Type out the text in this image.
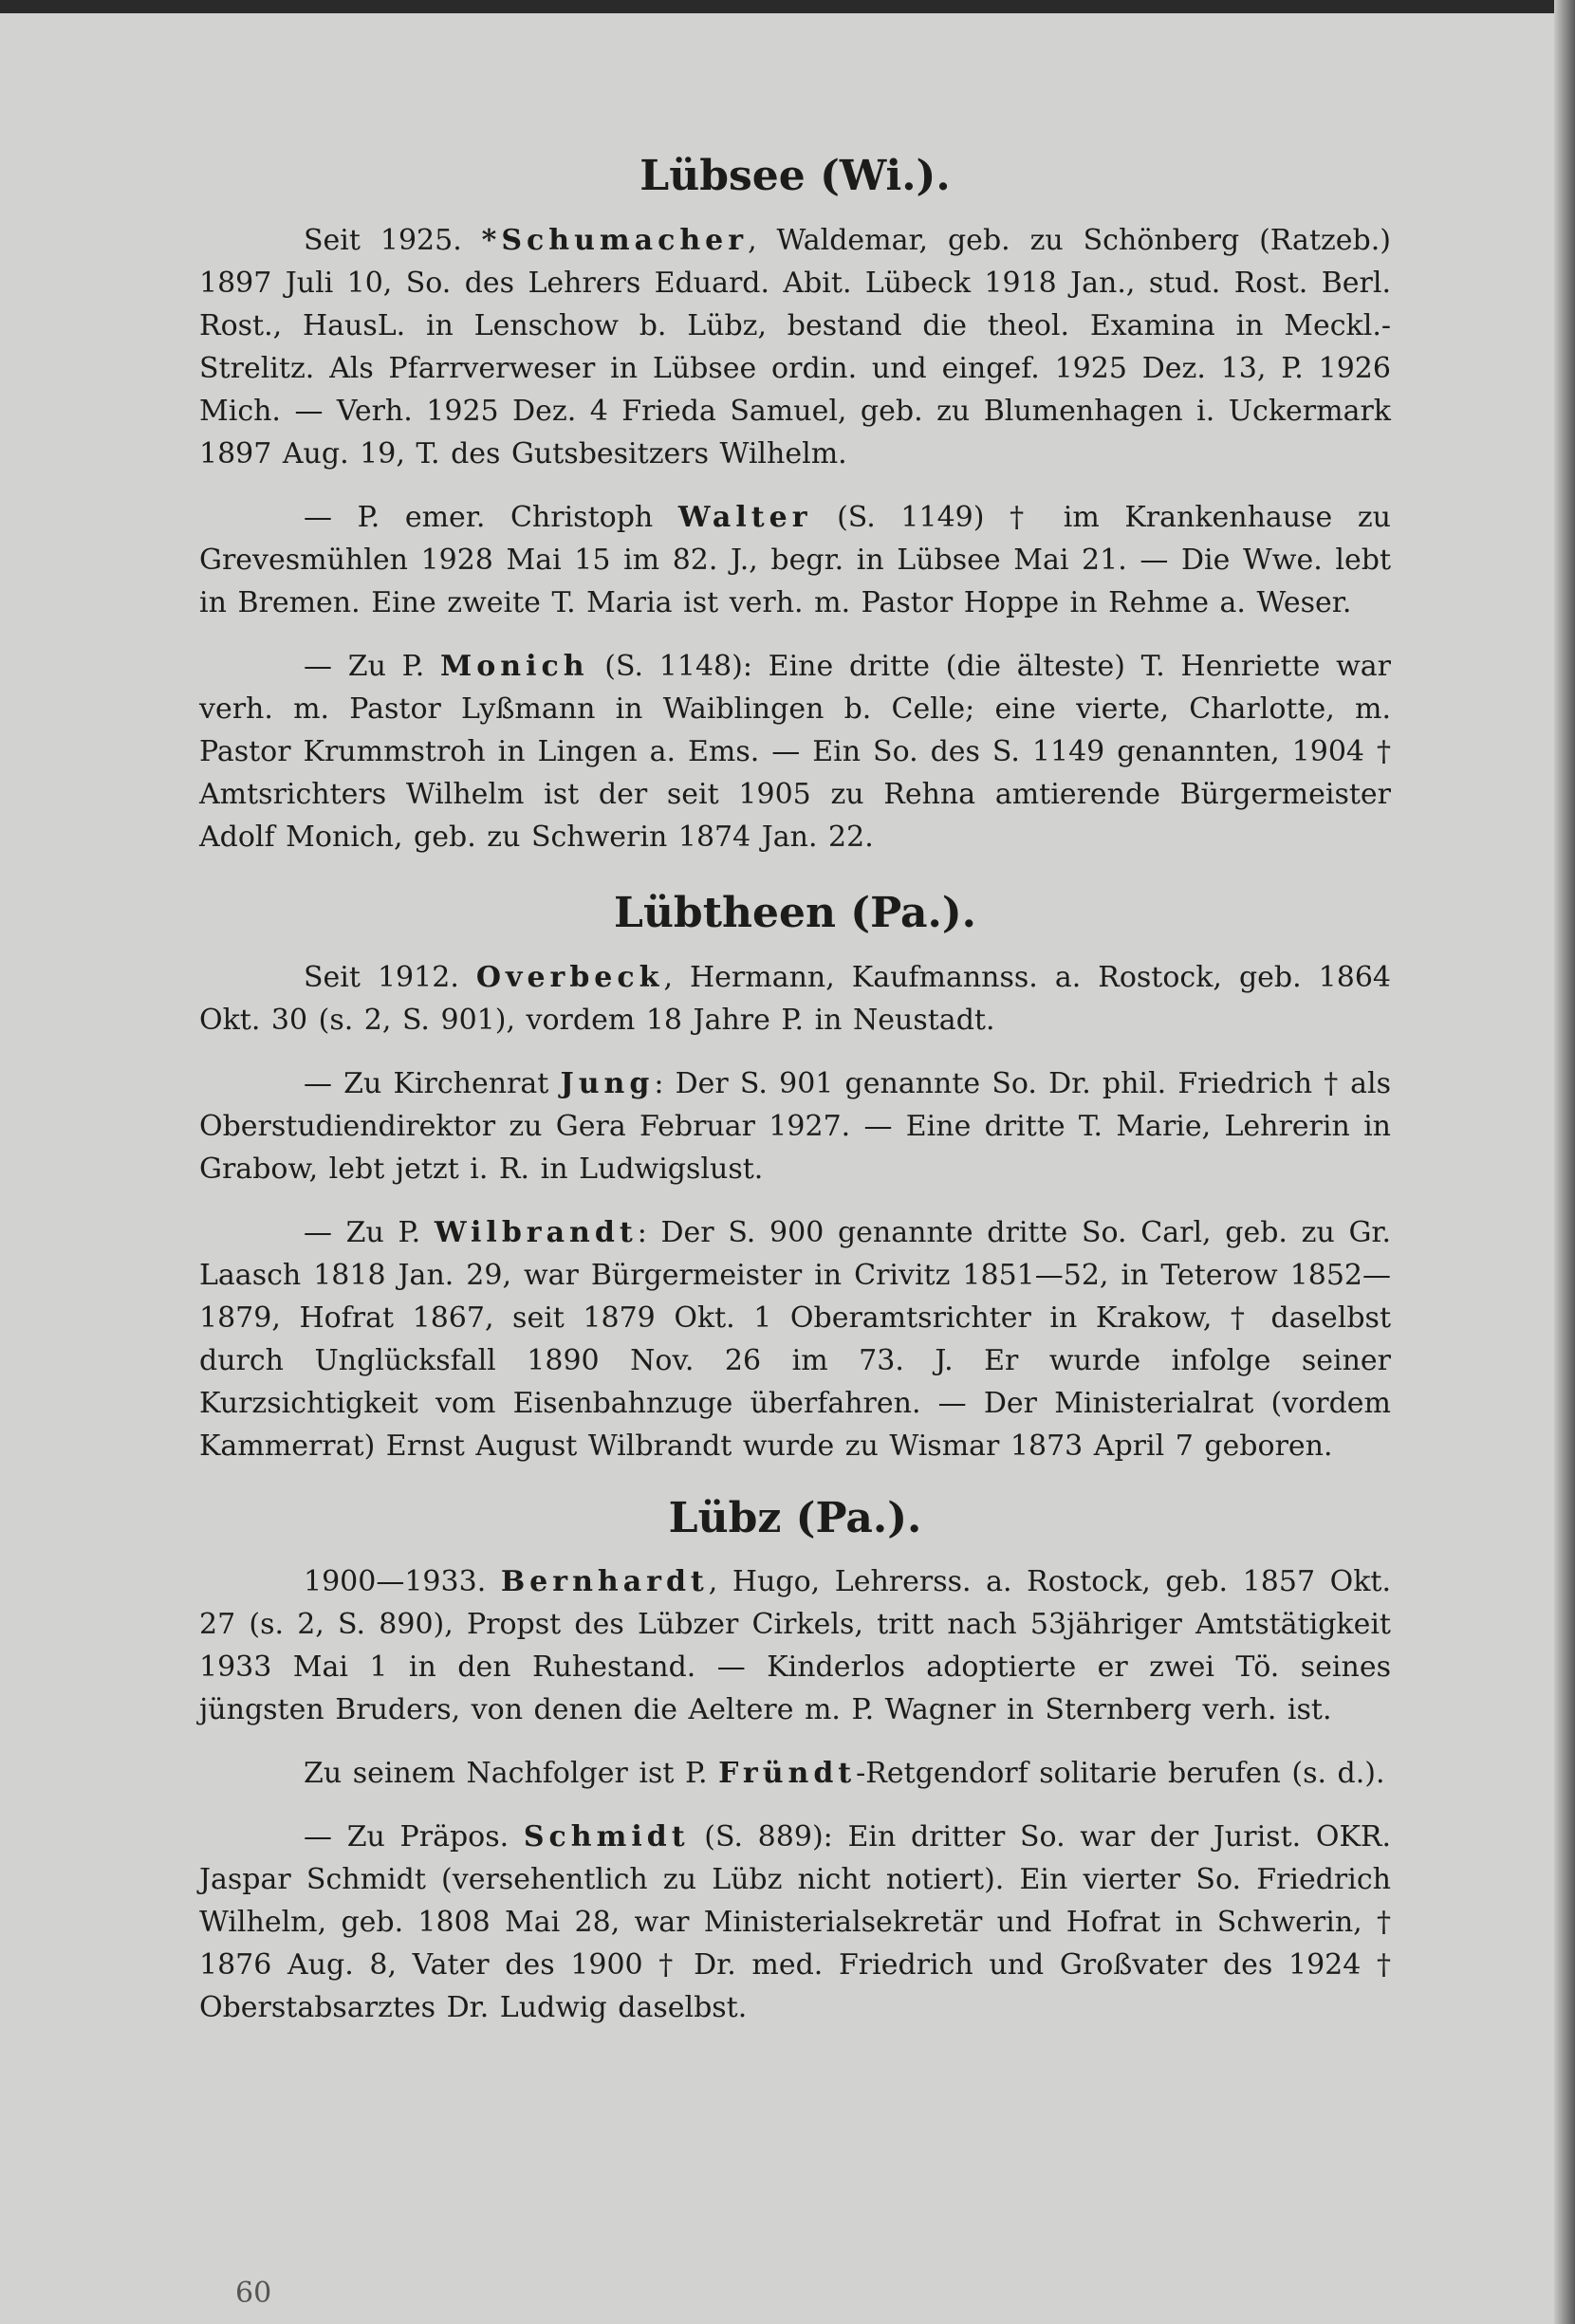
Lübsee (Wi.).

Seit 1925. *Schumacher, Waldemar, geb. zu Schönberg (Ratzeb.) 1897 Juli 10, So. des Lehrers Eduard. Abit. Lübeck 1918 Jan., stud. Rost. Berl. Rost., HausL. in Lenschow b. Lübz, bestand die theol. Examina in Meckl.-Strelitz. Als Pfarrverweser in Lübsee ordin. und eingef. 1925 Dez. 13, P. 1926 Mich. — Verh. 1925 Dez. 4 Frieda Samuel, geb. zu Blumenhagen i. Uckermark 1897 Aug. 19, T. des Gutsbesitzers Wilhelm.

— P. emer. Christoph Walter (S. 1149) † im Krankenhause zu Grevesmühlen 1928 Mai 15 im 82. J., begr. in Lübsee Mai 21. — Die Wwe. lebt in Bremen. Eine zweite T. Maria ist verh. m. Pastor Hoppe in Rehme a. Weser.

— Zu P. Monich (S. 1148): Eine dritte (die älteste) T. Henriette war verh. m. Pastor Lyßmann in Waiblingen b. Celle; eine vierte, Charlotte, m. Pastor Krummstroh in Lingen a. Ems. — Ein So. des S. 1149 genannten, 1904 † Amtsrichters Wilhelm ist der seit 1905 zu Rehna amtierende Bürgermeister Adolf Monich, geb. zu Schwerin 1874 Jan. 22.

Lübtheen (Pa.).

Seit 1912. Overbeck, Hermann, Kaufmannss. a. Rostock, geb. 1864 Okt. 30 (s. 2, S. 901), vordem 18 Jahre P. in Neustadt.

— Zu Kirchenrat Jung: Der S. 901 genannte So. Dr. phil. Friedrich † als Oberstudiendirektor zu Gera Februar 1927. — Eine dritte T. Marie, Lehrerin in Grabow, lebt jetzt i. R. in Ludwigslust.

— Zu P. Wilbrandt: Der S. 900 genannte dritte So. Carl, geb. zu Gr. Laasch 1818 Jan. 29, war Bürgermeister in Crivitz 1851—52, in Teterow 1852—1879, Hofrat 1867, seit 1879 Okt. 1 Oberamtsrichter in Krakow, † daselbst durch Unglücksfall 1890 Nov. 26 im 73. J. Er wurde infolge seiner Kurzsichtigkeit vom Eisenbahnzuge überfahren. — Der Ministerialrat (vordem Kammerrat) Ernst August Wilbrandt wurde zu Wismar 1873 April 7 geboren.

Lübz (Pa.).

1900—1933. Bernhardt, Hugo, Lehrerss. a. Rostock, geb. 1857 Okt. 27 (s. 2, S. 890), Propst des Lübzer Cirkels, tritt nach 53jähriger Amtstätigkeit 1933 Mai 1 in den Ruhestand. — Kinderlos adoptierte er zwei Tö. seines jüngsten Bruders, von denen die Aeltere m. P. Wagner in Sternberg verh. ist.

Zu seinem Nachfolger ist P. Fründt-Retgendorf solitarie berufen (s. d.).

— Zu Präpos. Schmidt (S. 889): Ein dritter So. war der Jurist. OKR. Jaspar Schmidt (versehentlich zu Lübz nicht notiert). Ein vierter So. Friedrich Wilhelm, geb. 1808 Mai 28, war Ministerialsekretär und Hofrat in Schwerin, † 1876 Aug. 8, Vater des 1900 † Dr. med. Friedrich und Großvater des 1924 † Oberstabsarztes Dr. Ludwig daselbst.

60
